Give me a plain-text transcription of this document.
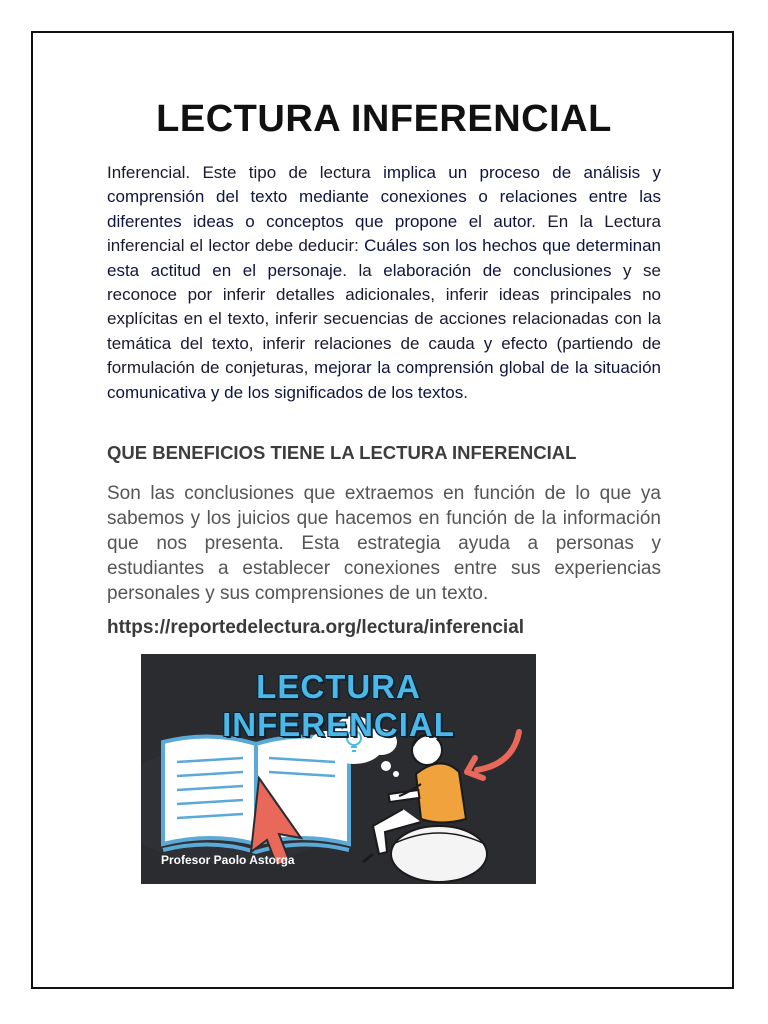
LECTURA INFERENCIAL

Inferencial. Este tipo de lectura implica un proceso de análisis y comprensión del texto mediante conexiones o relaciones entre las diferentes ideas o conceptos que propone el autor. En la Lectura inferencial el lector debe deducir: Cuáles son los hechos que determinan esta actitud en el personaje. la elaboración de conclusiones y se reconoce por inferir detalles adicionales, inferir ideas principales no explícitas en el texto, inferir secuencias de acciones relacionadas con la temática del texto, inferir relaciones de cauda y efecto (partiendo de formulación de conjeturas, mejorar la comprensión global de la situación comunicativa y de los significados de los textos.

QUE BENEFICIOS TIENE LA LECTURA INFERENCIAL

Son las conclusiones que extraemos en función de lo que ya sabemos y los juicios que hacemos en función de la información que nos presenta. Esta estrategia ayuda a personas y estudiantes a establecer conexiones entre sus experiencias personales y sus comprensiones de un texto.

https://reportedelectura.org/lectura/inferencial

LECTURA INFERENCIAL
Profesor Paolo Astorga
